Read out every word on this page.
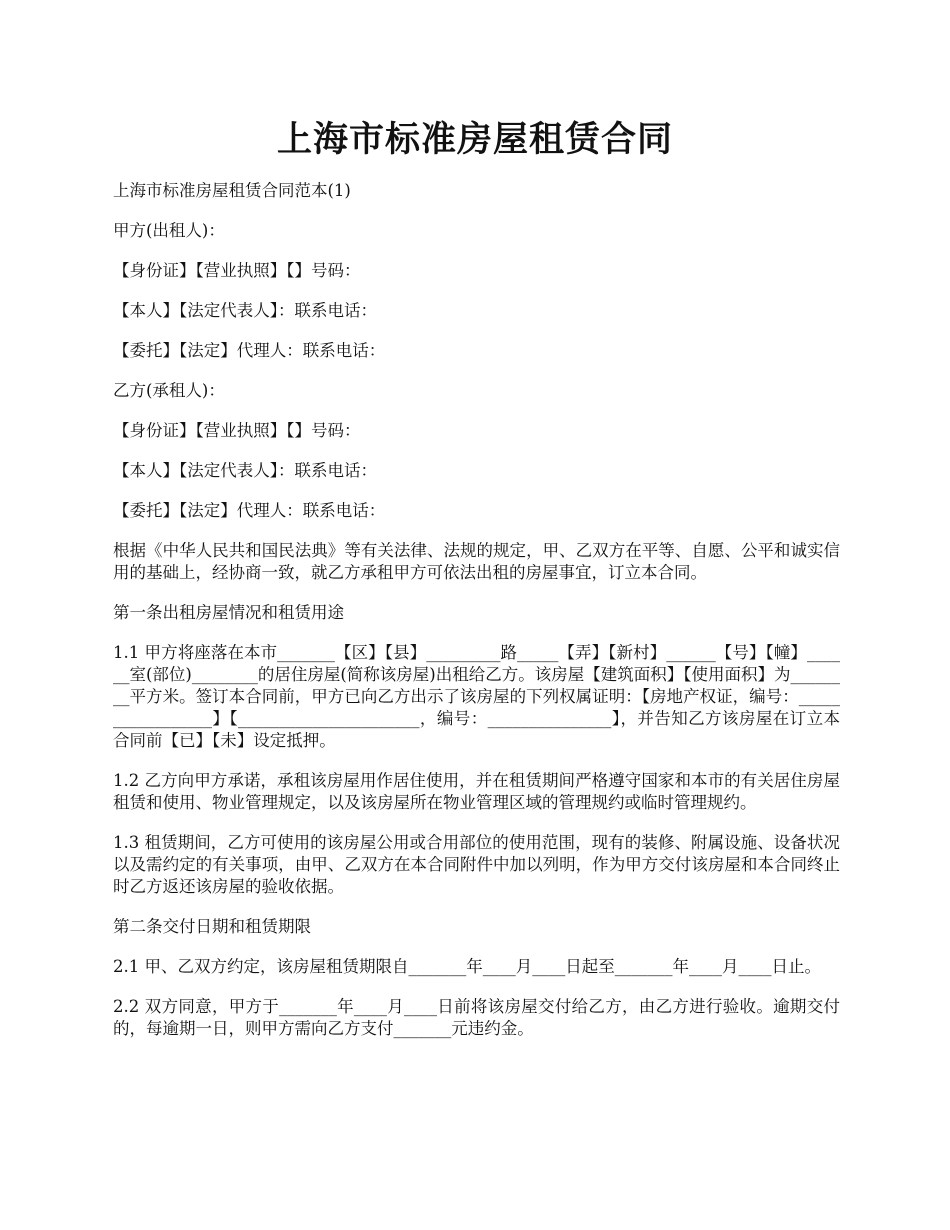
上海市标准房屋租赁合同

上海市标准房屋租赁合同范本(1)

甲方(出租人)：

【身份证】【营业执照】【】号码：

【本人】【法定代表人】：联系电话：

【委托】【法定】代理人：联系电话：

乙方(承租人)：

【身份证】【营业执照】【】号码：

【本人】【法定代表人】：联系电话：

【委托】【法定】代理人：联系电话：

根据《中华人民共和国民法典》等有关法律、法规的规定，甲、乙双方在平等、自愿、公平和诚实信用的基础上，经协商一致，就乙方承租甲方可依法出租的房屋事宜，订立本合同。

第一条出租房屋情况和租赁用途

1.1 甲方将座落在本市_______【区】【县】_________路_____【弄】【新村】______【号】【幢】______室(部位)________的居住房屋(简称该房屋)出租给乙方。该房屋【建筑面积】【使用面积】为________平方米。签订本合同前，甲方已向乙方出示了该房屋的下列权属证明：【房地产权证，编号：_________________】【______________________，编号：_______________】，并告知乙方该房屋在订立本合同前【已】【未】设定抵押。

1.2 乙方向甲方承诺，承租该房屋用作居住使用，并在租赁期间严格遵守国家和本市的有关居住房屋租赁和使用、物业管理规定，以及该房屋所在物业管理区域的管理规约或临时管理规约。

1.3 租赁期间，乙方可使用的该房屋公用或合用部位的使用范围，现有的装修、附属设施、设备状况以及需约定的有关事项，由甲、乙双方在本合同附件中加以列明，作为甲方交付该房屋和本合同终止时乙方返还该房屋的验收依据。

第二条交付日期和租赁期限

2.1 甲、乙双方约定，该房屋租赁期限自_______年____月____日起至_______年____月____日止。

2.2 双方同意，甲方于_______年____月____日前将该房屋交付给乙方，由乙方进行验收。逾期交付的，每逾期一日，则甲方需向乙方支付_______元违约金。
